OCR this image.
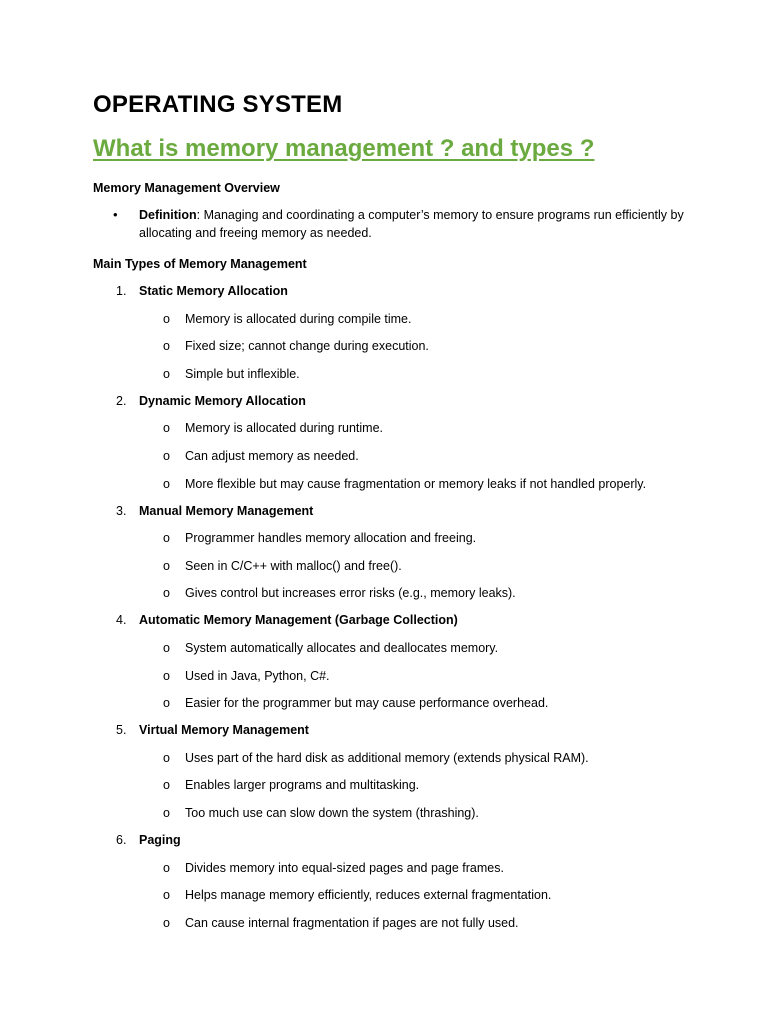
OPERATING SYSTEM
What is memory management ? and types ?
Memory Management Overview
• Definition: Managing and coordinating a computer’s memory to ensure programs run efficiently by allocating and freeing memory as needed.
Main Types of Memory Management
1. Static Memory Allocation
o Memory is allocated during compile time.
o Fixed size; cannot change during execution.
o Simple but inflexible.
2. Dynamic Memory Allocation
o Memory is allocated during runtime.
o Can adjust memory as needed.
o More flexible but may cause fragmentation or memory leaks if not handled properly.
3. Manual Memory Management
o Programmer handles memory allocation and freeing.
o Seen in C/C++ with malloc() and free().
o Gives control but increases error risks (e.g., memory leaks).
4. Automatic Memory Management (Garbage Collection)
o System automatically allocates and deallocates memory.
o Used in Java, Python, C#.
o Easier for the programmer but may cause performance overhead.
5. Virtual Memory Management
o Uses part of the hard disk as additional memory (extends physical RAM).
o Enables larger programs and multitasking.
o Too much use can slow down the system (thrashing).
6. Paging
o Divides memory into equal-sized pages and page frames.
o Helps manage memory efficiently, reduces external fragmentation.
o Can cause internal fragmentation if pages are not fully used.
